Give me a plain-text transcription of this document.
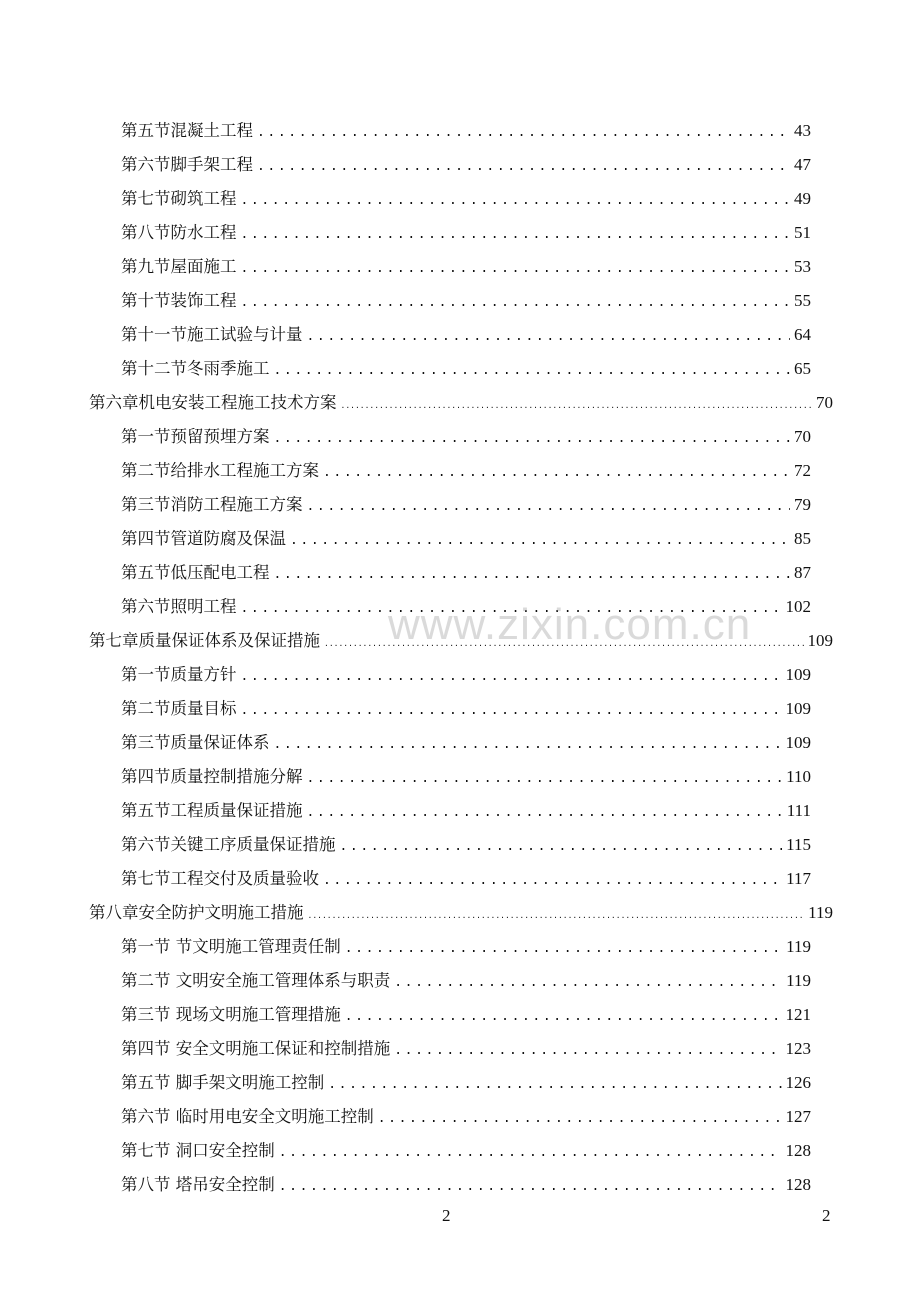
第五节混凝土工程 .....	43
第六节脚手架工程 .....	47
第七节砌筑工程 .....	49
第八节防水工程 .....	51
第九节屋面施工 .....	53
第十节装饰工程 .....	55
第十一节施工试验与计量 .....	64
第十二节冬雨季施工 .....	65
第六章机电安装工程施工技术方案 .....	70
第一节预留预埋方案 .....	70
第二节给排水工程施工方案 .....	72
第三节消防工程施工方案 .....	79
第四节管道防腐及保温 .....	85
第五节低压配电工程 .....	87
第六节照明工程 .....	102
第七章质量保证体系及保证措施 .....	109
第一节质量方针 .....	109
第二节质量目标 .....	109
第三节质量保证体系 .....	109
第四节质量控制措施分解 .....	110
第五节工程质量保证措施 .....	111
第六节关键工序质量保证措施 .....	115
第七节工程交付及质量验收 .....	117
第八章安全防护文明施工措施 .....	119
第一节 节文明施工管理责任制 .....	119
第二节 文明安全施工管理体系与职责 .....	119
第三节 现场文明施工管理措施 .....	121
第四节 安全文明施工保证和控制措施 .....	123
第五节 脚手架文明施工控制 .....	126
第六节 临时用电安全文明施工控制 .....	127
第七节 洞口安全控制 .....	128
第八节 塔吊安全控制 .....	128
www.zixin.com.cn
2	2
